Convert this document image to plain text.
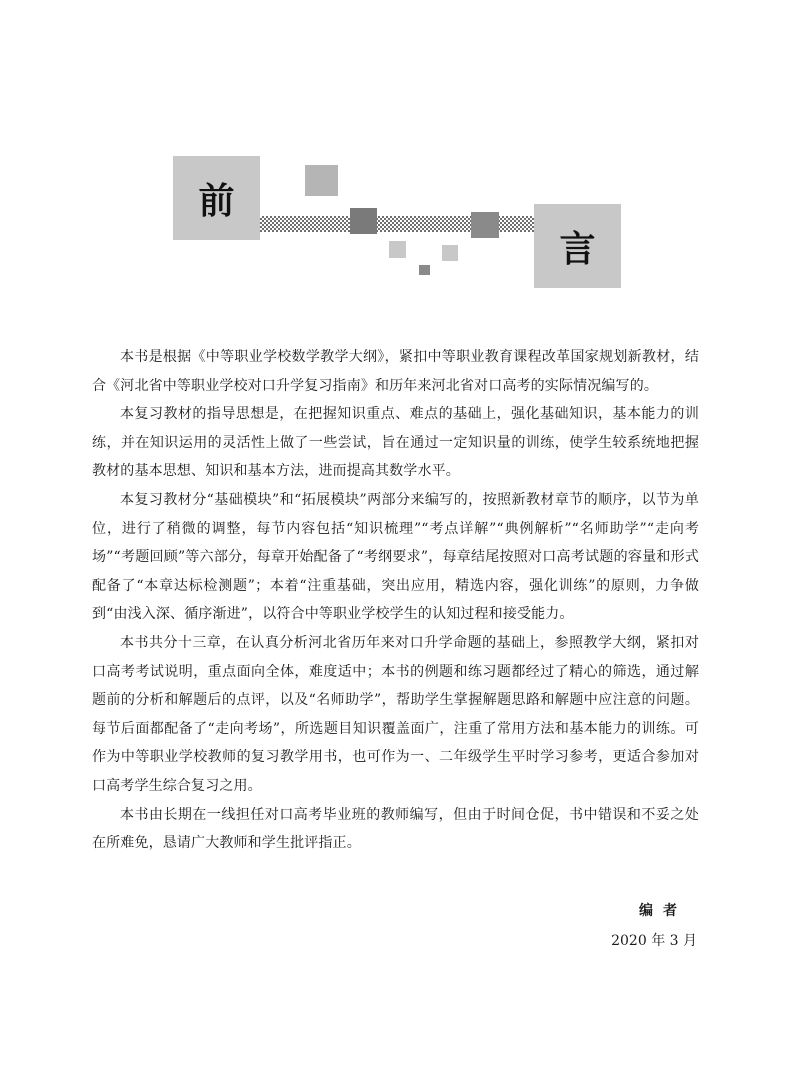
前
言

本书是根据《中等职业学校数学教学大纲》，紧扣中等职业教育课程改革国家规划新教材，结合《河北省中等职业学校对口升学复习指南》和历年来河北省对口高考的实际情况编写的。

本复习教材的指导思想是，在把握知识重点、难点的基础上，强化基础知识，基本能力的训练，并在知识运用的灵活性上做了一些尝试，旨在通过一定知识量的训练，使学生较系统地把握教材的基本思想、知识和基本方法，进而提高其数学水平。

本复习教材分“基础模块”和“拓展模块”两部分来编写的，按照新教材章节的顺序，以节为单位，进行了稍微的调整，每节内容包括“知识梳理”“考点详解”“典例解析”“名师助学”“走向考场”“考题回顾”等六部分，每章开始配备了“考纲要求”，每章结尾按照对口高考试题的容量和形式配备了“本章达标检测题”；本着“注重基础，突出应用，精选内容，强化训练”的原则，力争做到“由浅入深、循序渐进”，以符合中等职业学校学生的认知过程和接受能力。

本书共分十三章，在认真分析河北省历年来对口升学命题的基础上，参照教学大纲，紧扣对口高考考试说明，重点面向全体，难度适中；本书的例题和练习题都经过了精心的筛选，通过解题前的分析和解题后的点评，以及“名师助学”，帮助学生掌握解题思路和解题中应注意的问题。每节后面都配备了“走向考场”，所选题目知识覆盖面广，注重了常用方法和基本能力的训练。可作为中等职业学校教师的复习教学用书，也可作为一、二年级学生平时学习参考，更适合参加对口高考学生综合复习之用。

本书由长期在一线担任对口高考毕业班的教师编写，但由于时间仓促，书中错误和不妥之处在所难免，恳请广大教师和学生批评指正。

编者
2020 年 3 月
